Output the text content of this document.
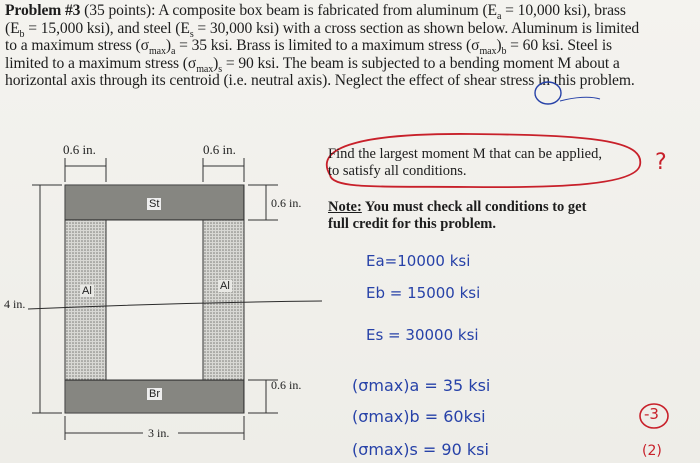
Problem #3 (35 points): A composite box beam is fabricated from aluminum ($E_a = 10,000$ ksi), brass

($E_b = 15,000$ ksi), and steel ($E_s = 30,000$ ksi) with a cross section as shown below. Aluminum is limited

to a maximum stress $(\sigma_{max})_a = 35$ ksi. Brass is limited to a maximum stress $(\sigma_{max})_b = 60$ ksi. Steel is

limited to a maximum stress $(\sigma_{max})_s = 90$ ksi. The beam is subjected to a bending moment M about a

horizontal axis through its centroid (i.e. neutral axis). Neglect the effect of shear stress in this problem.

0.6 in.	0.6 in.
0.6 in.
0.6 in.
4 in.
3 in.
St
Al	Al
Br
Find the largest moment M that can be applied,
to satisfy all conditions.	?
Note: You must check all conditions to get
full credit for this problem.
Ea=10000 ksi
Eb = 15000 ksi
Es = 30000 ksi
(σmax)a = 35 ksi
(σmax)b = 60ksi
(σmax)s = 90 ksi
-3
(2)
